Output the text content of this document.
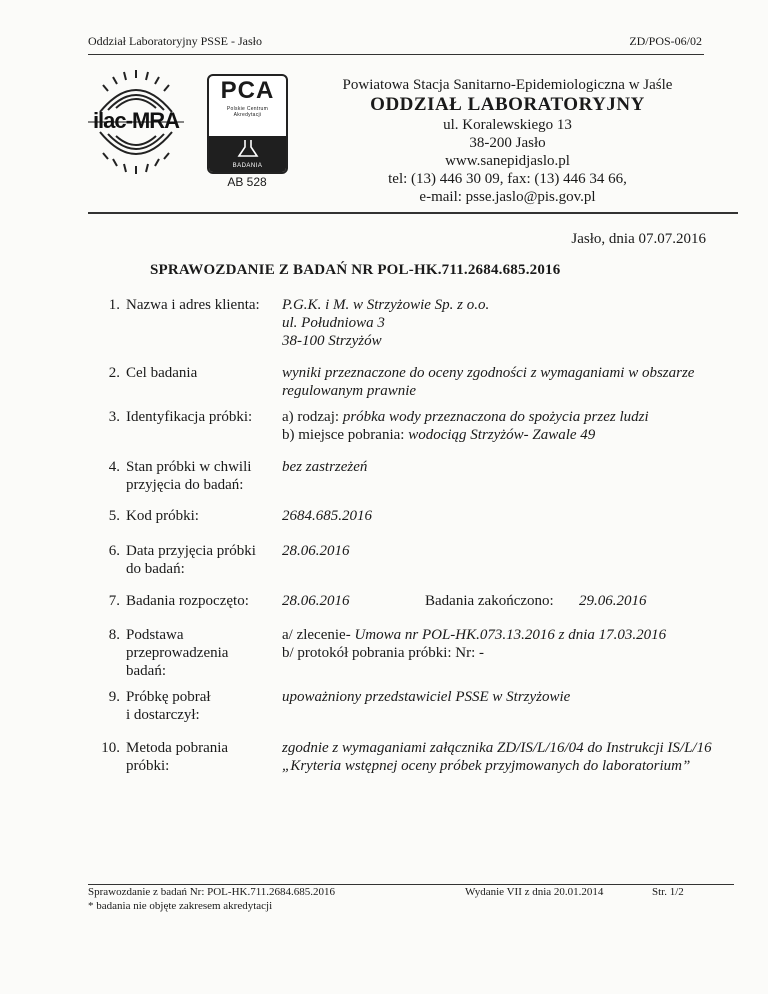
Oddział Laboratoryjny PSSE - Jasło	ZD/POS-06/02
ilac-MRA
PCA
Polskie Centrum
Akredytacji
BADANIA
AB 528
Powiatowa Stacja Sanitarno-Epidemiologiczna w Jaśle
ODDZIAŁ LABORATORYJNY
ul. Koralewskiego 13
38-200 Jasło
www.sanepidjaslo.pl
tel: (13) 446 30 09, fax: (13) 446 34 66,
e-mail: psse.jaslo@pis.gov.pl
Jasło, dnia 07.07.2016
SPRAWOZDANIE Z BADAŃ NR POL-HK.711.2684.685.2016
1. Nazwa i adres klienta: P.G.K. i M. w Strzyżowie Sp. z o.o.
ul. Południowa 3
38-100 Strzyżów
2. Cel badania	wyniki przeznaczone do oceny zgodności z wymaganiami w obszarze
regulowanym prawnie
3. Identyfikacja próbki: a) rodzaj: próbka wody przeznaczona do spożycia przez ludzi
b) miejsce pobrania: wodociąg Strzyżów- Zawale 49
4. Stan próbki w chwili
przyjęcia do badań:
bez zastrzeżeń
5. Kod próbki:	2684.685.2016
6. Data przyjęcia próbki
do badań:
28.06.2016
7. Badania rozpoczęto: 28.06.2016	Badania zakończono: 29.06.2016
8. Podstawa
przeprowadzenia
badań:
a/ zlecenie- Umowa nr POL-HK.073.13.2016 z dnia 17.03.2016
b/ protokół pobrania próbki: Nr: -
9. Próbkę pobrał
i dostarczył:
upoważniony przedstawiciel PSSE w Strzyżowie
10. Metoda pobrania
próbki:
zgodnie z wymaganiami załącznika ZD/IS/L/16/04 do Instrukcji IS/L/16
„Kryteria wstępnej oceny próbek przyjmowanych do laboratorium”
Sprawozdanie z badań Nr: POL-HK.711.2684.685.2016
* badania nie objęte zakresem akredytacji
Wydanie VII z dnia 20.01.2014	Str. 1/2
